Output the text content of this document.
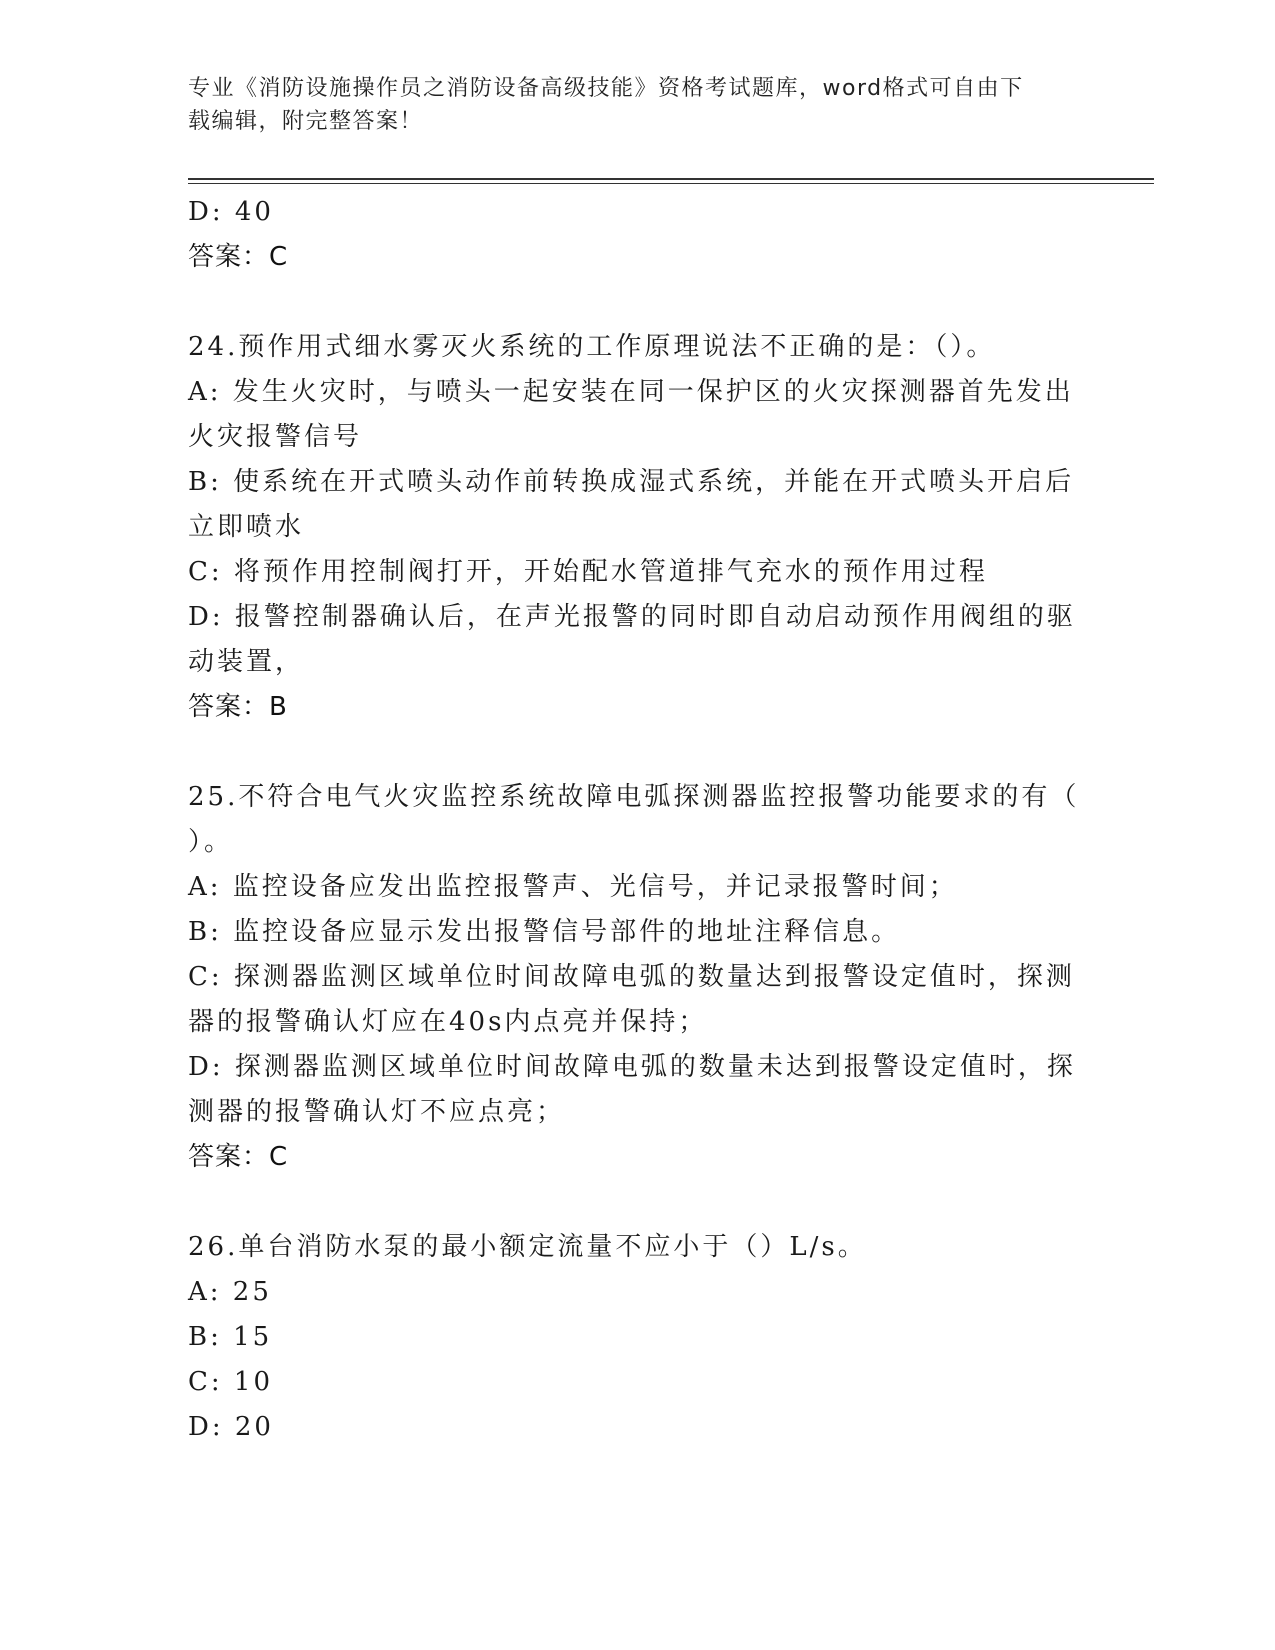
专业《消防设施操作员之消防设备高级技能》资格考试题库，word格式可自由下
载编辑，附完整答案！
D: 40
答案：C
24.预作用式细水雾灭火系统的工作原理说法不正确的是：（）。
A: 发生火灾时，与喷头一起安装在同一保护区的火灾探测器首先发出
火灾报警信号
B: 使系统在开式喷头动作前转换成湿式系统，并能在开式喷头开启后
立即喷水
C: 将预作用控制阀打开，开始配水管道排气充水的预作用过程
D: 报警控制器确认后，在声光报警的同时即自动启动预作用阀组的驱
动装置，
答案：B
25.不符合电气火灾监控系统故障电弧探测器监控报警功能要求的有（
）。
A: 监控设备应发出监控报警声、光信号，并记录报警时间；
B: 监控设备应显示发出报警信号部件的地址注释信息。
C: 探测器监测区域单位时间故障电弧的数量达到报警设定值时，探测
器的报警确认灯应在40s内点亮并保持；
D: 探测器监测区域单位时间故障电弧的数量未达到报警设定值时，探
测器的报警确认灯不应点亮；
答案：C
26.单台消防水泵的最小额定流量不应小于（）L/s。
A: 25
B: 15
C: 10
D: 20
